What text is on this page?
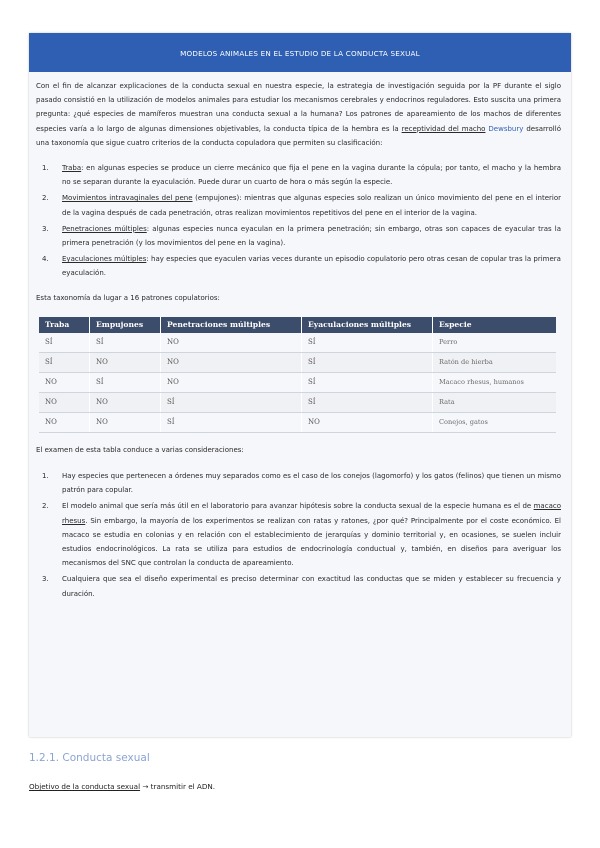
MODELOS ANIMALES EN EL ESTUDIO DE LA CONDUCTA SEXUAL

Con el fin de alcanzar explicaciones de la conducta sexual en nuestra especie, la estrategia de investigación seguida por la PF durante el siglo pasado consistió en la utilización de modelos animales para estudiar los mecanismos cerebrales y endocrinos reguladores. Esto suscita una primera pregunta: ¿qué especies de mamíferos muestran una conducta sexual a la humana? Los patrones de apareamiento de los machos de diferentes especies varía a lo largo de algunas dimensiones objetivables, la conducta típica de la hembra es la receptividad del macho Dewsbury desarrolló una taxonomía que sigue cuatro criterios de la conducta copuladora que permiten su clasificación:

1. Traba: en algunas especies se produce un cierre mecánico que fija el pene en la vagina durante la cópula; por tanto, el macho y la hembra no se separan durante la eyaculación. Puede durar un cuarto de hora o más según la especie.
2. Movimientos intravaginales del pene (empujones): mientras que algunas especies solo realizan un único movimiento del pene en el interior de la vagina después de cada penetración, otras realizan movimientos repetitivos del pene en el interior de la vagina.
3. Penetraciones múltiples: algunas especies nunca eyaculan en la primera penetración; sin embargo, otras son capaces de eyacular tras la primera penetración (y los movimientos del pene en la vagina).
4. Eyaculaciones múltiples: hay especies que eyaculen varias veces durante un episodio copulatorio pero otras cesan de copular tras la primera eyaculación.

Esta taxonomía da lugar a 16 patrones copulatorios:

Traba	Empujones	Penetraciones múltiples	Eyaculaciones múltiples	Especie
SÍ	SÍ	NO	SÍ	Perro
SÍ	NO	NO	SÍ	Ratón de hierba
NO	SÍ	NO	SÍ	Macaco rhesus, humanos
NO	NO	SÍ	SÍ	Rata
NO	NO	SÍ	NO	Conejos, gatos

El examen de esta tabla conduce a varias consideraciones:

1. Hay especies que pertenecen a órdenes muy separados como es el caso de los conejos (lagomorfo) y los gatos (felinos) que tienen un mismo patrón para copular.
2. El modelo animal que sería más útil en el laboratorio para avanzar hipótesis sobre la conducta sexual de la especie humana es el de macaco rhesus. Sin embargo, la mayoría de los experimentos se realizan con ratas y ratones, ¿por qué? Principalmente por el coste económico. El macaco se estudia en colonias y en relación con el establecimiento de jerarquías y dominio territorial y, en ocasiones, se suelen incluir estudios endocrinológicos. La rata se utiliza para estudios de endocrinología conductual y, también, en diseños para averiguar los mecanismos del SNC que controlan la conducta de apareamiento.
3. Cualquiera que sea el diseño experimental es preciso determinar con exactitud las conductas que se miden y establecer su frecuencia y duración.
1.2.1. Conducta sexual
Objetivo de la conducta sexual → transmitir el ADN.
